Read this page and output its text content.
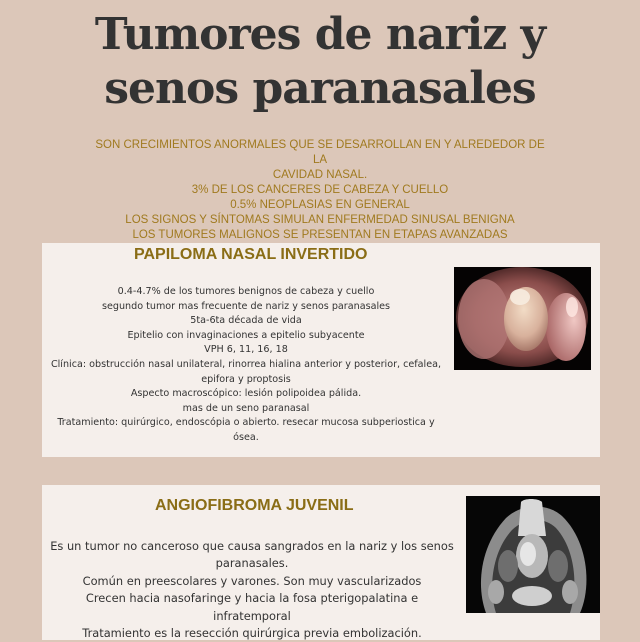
Tumores de nariz y
senos paranasales
SON CRECIMIENTOS ANORMALES QUE SE DESARROLLAN EN Y ALREDEDOR DE LA
CAVIDAD NASAL.
3% DE LOS CANCERES DE CABEZA Y CUELLO
0.5% NEOPLASIAS EN GENERAL
LOS SIGNOS Y SÍNTOMAS SIMULAN ENFERMEDAD SINUSAL BENIGNA
LOS TUMORES MALIGNOS SE PRESENTAN EN ETAPAS AVANZADAS
PAPILOMA NASAL INVERTIDO
0.4-4.7% de los tumores benignos de cabeza y cuello
segundo tumor mas frecuente de nariz y senos paranasales
5ta-6ta década de vida
Epitelio con invaginaciones a epitelio subyacente
VPH 6, 11, 16, 18
Clínica: obstrucción nasal unilateral, rinorrea hialina anterior y posterior, cefalea,
epifora y proptosis
Aspecto macroscópico: lesión polipoidea pálida.
mas de un seno paranasal
Tratamiento: quirúrgico, endoscópia o abierto. resecar mucosa subperiostica y ósea.
ANGIOFIBROMA JUVENIL
Es un tumor no canceroso que causa sangrados en la nariz y los senos
paranasales.
Común en preescolares y varones. Son muy vascularizados
Crecen hacia nasofaringe y hacia la fosa pterigopalatina e infratemporal
Tratamiento es la resección quirúrgica previa embolización.
